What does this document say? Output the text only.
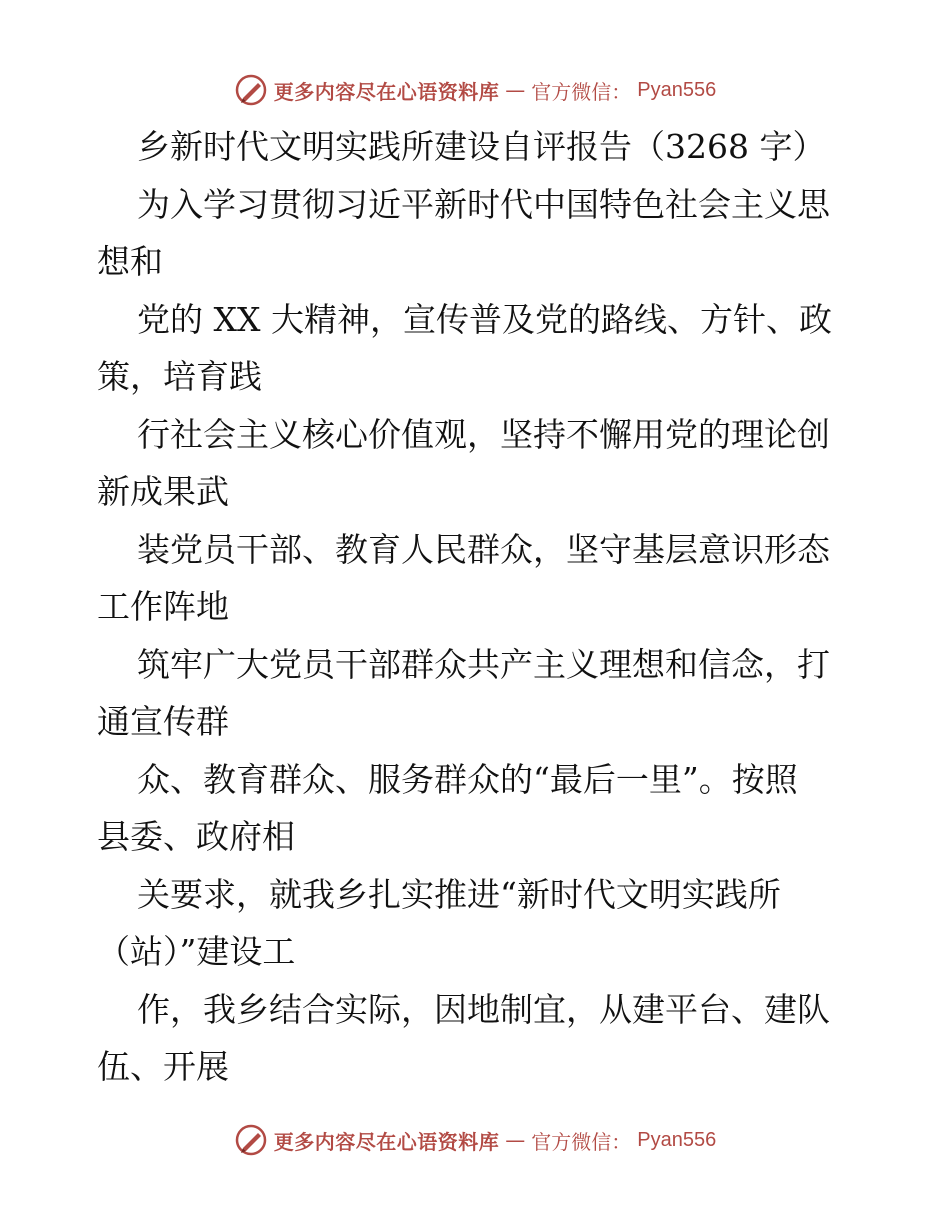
更多内容尽在心语资料库 — 官方微信： Pyan556
乡新时代文明实践所建设自评报告（3268 字）
为入学习贯彻习近平新时代中国特色社会主义思
想和
党的 XX 大精神，宣传普及党的路线、方针、政
策，培育践
行社会主义核心价值观，坚持不懈用党的理论创
新成果武
装党员干部、教育人民群众，坚守基层意识形态
工作阵地
筑牢广大党员干部群众共产主义理想和信念，打
通宣传群
众、教育群众、服务群众的“最后一里”。按照
县委、政府相
关要求，就我乡扎实推进“新时代文明实践所
（站）”建设工
作，我乡结合实际，因地制宜，从建平台、建队
伍、开展
更多内容尽在心语资料库 — 官方微信： Pyan556
